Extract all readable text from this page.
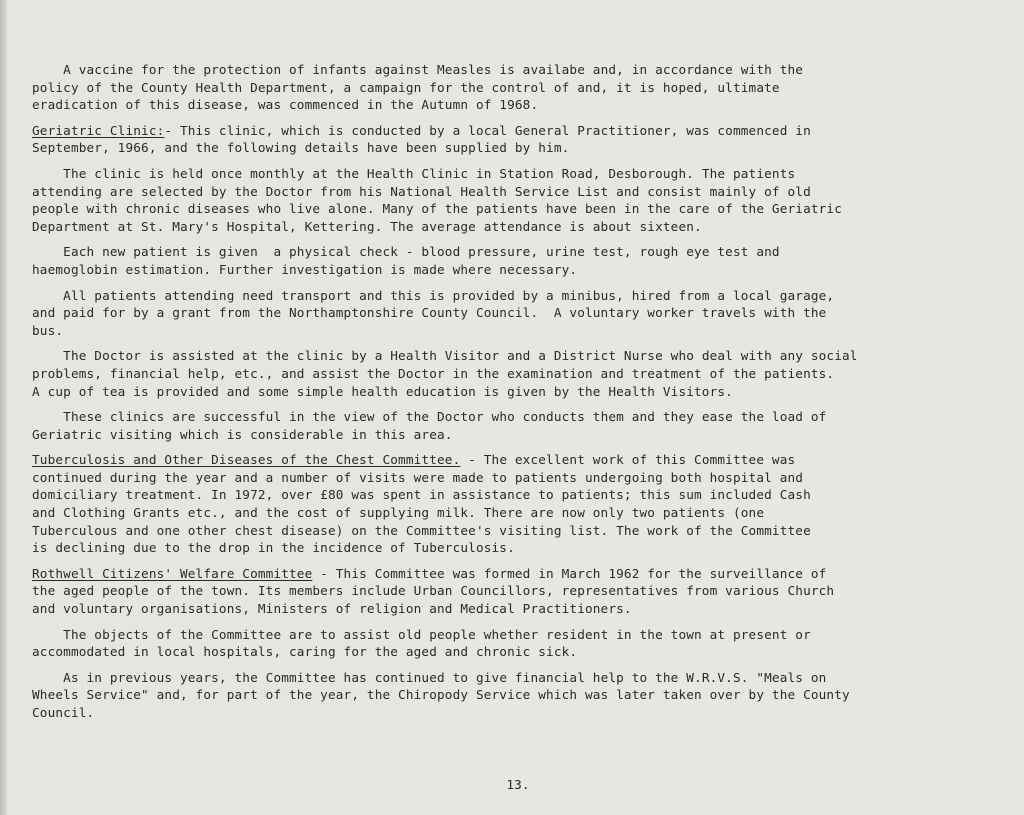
A vaccine for the protection of infants against Measles is availabe and, in accordance with the
policy of the County Health Department, a campaign for the control of and, it is hoped, ultimate
eradication of this disease, was commenced in the Autumn of 1968.

Geriatric Clinic:- This clinic, which is conducted by a local General Practitioner, was commenced in
September, 1966, and the following details have been supplied by him.

The clinic is held once monthly at the Health Clinic in Station Road, Desborough. The patients
attending are selected by the Doctor from his National Health Service List and consist mainly of old
people with chronic diseases who live alone. Many of the patients have been in the care of the Geriatric
Department at St. Mary's Hospital, Kettering. The average attendance is about sixteen.

Each new patient is given  a physical check - blood pressure, urine test, rough eye test and
haemoglobin estimation. Further investigation is made where necessary.

All patients attending need transport and this is provided by a minibus, hired from a local garage,
and paid for by a grant from the Northamptonshire County Council.  A voluntary worker travels with the
bus.

The Doctor is assisted at the clinic by a Health Visitor and a District Nurse who deal with any social
problems, financial help, etc., and assist the Doctor in the examination and treatment of the patients.
A cup of tea is provided and some simple health education is given by the Health Visitors.

These clinics are successful in the view of the Doctor who conducts them and they ease the load of
Geriatric visiting which is considerable in this area.

Tuberculosis and Other Diseases of the Chest Committee. - The excellent work of this Committee was
continued during the year and a number of visits were made to patients undergoing both hospital and
domiciliary treatment. In 1972, over £80 was spent in assistance to patients; this sum included Cash
and Clothing Grants etc., and the cost of supplying milk. There are now only two patients (one
Tuberculous and one other chest disease) on the Committee's visiting list. The work of the Committee
is declining due to the drop in the incidence of Tuberculosis.

Rothwell Citizens' Welfare Committee - This Committee was formed in March 1962 for the surveillance of
the aged people of the town. Its members include Urban Councillors, representatives from various Church
and voluntary organisations, Ministers of religion and Medical Practitioners.

The objects of the Committee are to assist old people whether resident in the town at present or
accommodated in local hospitals, caring for the aged and chronic sick.

As in previous years, the Committee has continued to give financial help to the W.R.V.S. "Meals on
Wheels Service" and, for part of the year, the Chiropody Service which was later taken over by the County
Council.

13.
